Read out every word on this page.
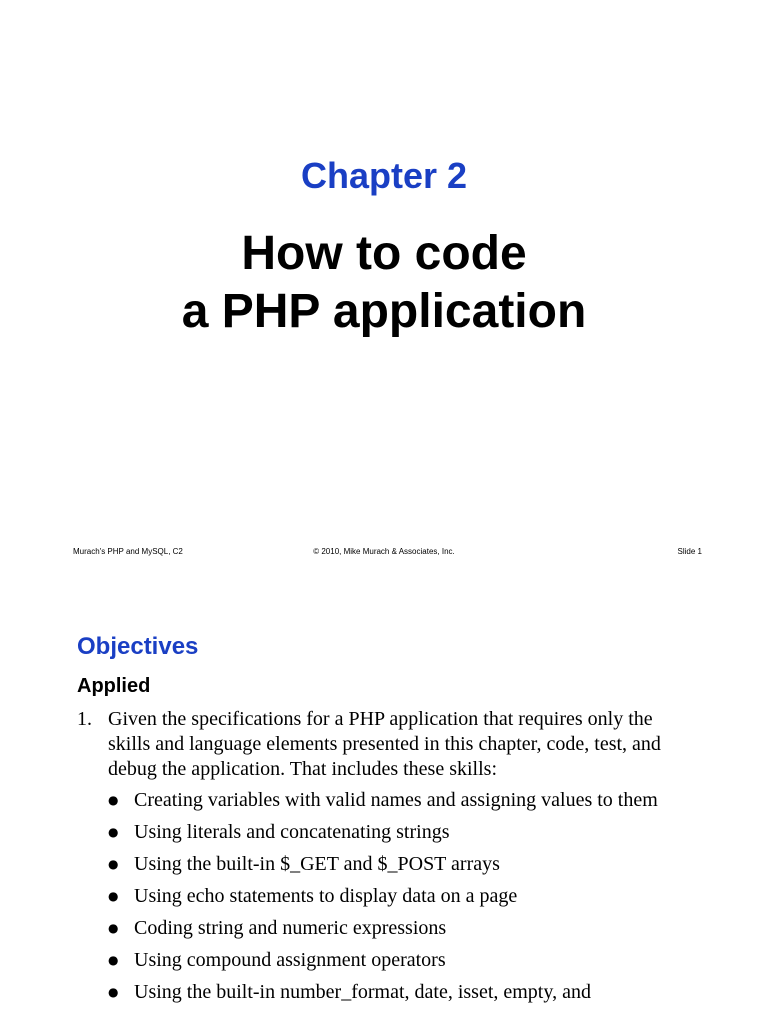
Chapter 2
How to code
a PHP application
Murach's PHP and MySQL, C2	© 2010, Mike Murach & Associates, Inc.	Slide 1
Objectives
Applied
1. Given the specifications for a PHP application that requires only the skills and language elements presented in this chapter, code, test, and debug the application. That includes these skills:
● Creating variables with valid names and assigning values to them
● Using literals and concatenating strings
● Using the built-in $_GET and $_POST arrays
● Using echo statements to display data on a page
● Coding string and numeric expressions
● Using compound assignment operators
● Using the built-in number_format, date, isset, empty, and
